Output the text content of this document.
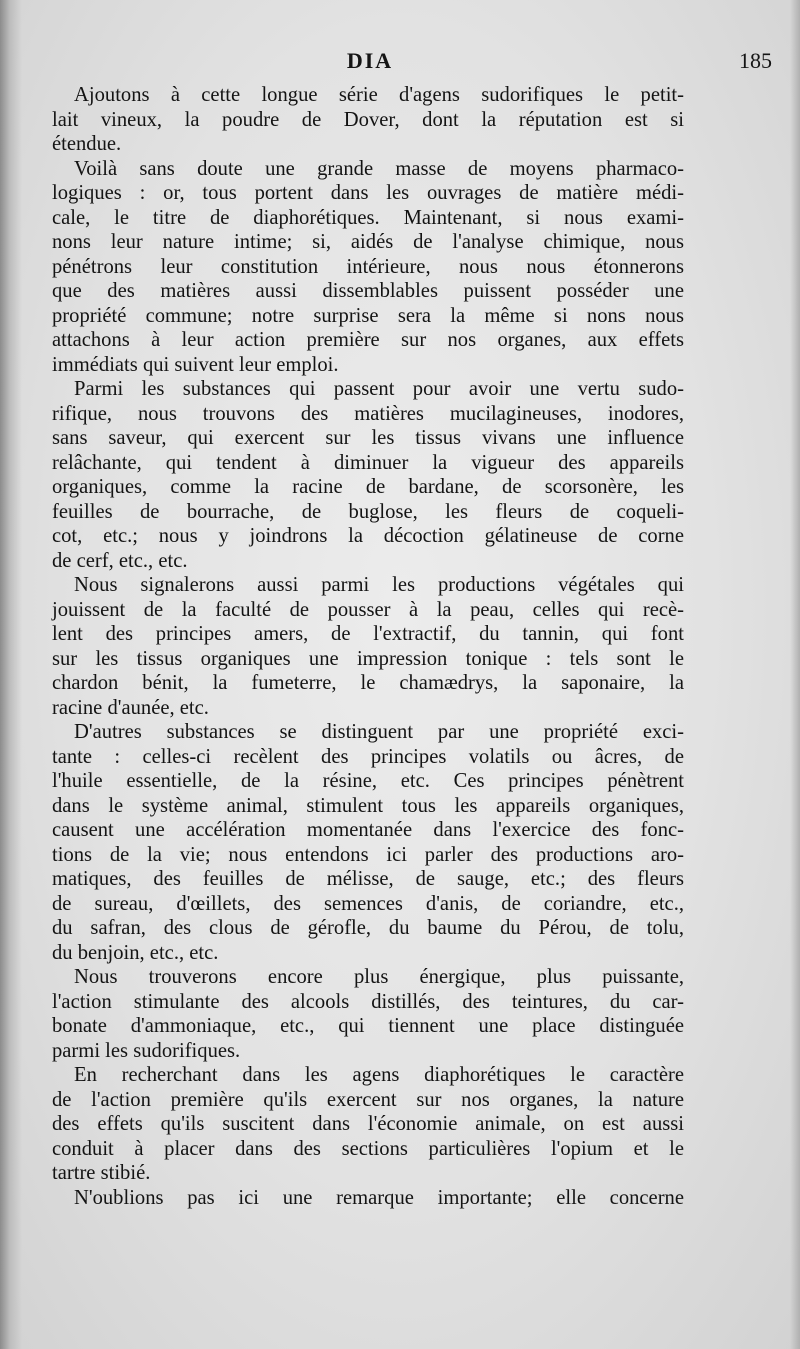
DIA	185
Ajoutons à cette longue série d'agens sudorifiques le petit-
lait vineux, la poudre de Dover, dont la réputation est si
étendue.
Voilà sans doute une grande masse de moyens pharmaco-
logiques : or, tous portent dans les ouvrages de matière médi-
cale, le titre de diaphorétiques. Maintenant, si nous exami-
nons leur nature intime; si, aidés de l'analyse chimique, nous
pénétrons leur constitution intérieure, nous nous étonnerons
que des matières aussi dissemblables puissent posséder une
propriété commune; notre surprise sera la même si nons nous
attachons à leur action première sur nos organes, aux effets
immédiats qui suivent leur emploi.
Parmi les substances qui passent pour avoir une vertu sudo-
rifique, nous trouvons des matières mucilagineuses, inodores,
sans saveur, qui exercent sur les tissus vivans une influence
relâchante, qui tendent à diminuer la vigueur des appareils
organiques, comme la racine de bardane, de scorsonère, les
feuilles de bourrache, de buglose, les fleurs de coqueli-
cot, etc.; nous y joindrons la décoction gélatineuse de corne
de cerf, etc., etc.
Nous signalerons aussi parmi les productions végétales qui
jouissent de la faculté de pousser à la peau, celles qui recè-
lent des principes amers, de l'extractif, du tannin, qui font
sur les tissus organiques une impression tonique : tels sont le
chardon bénit, la fumeterre, le chamædrys, la saponaire, la
racine d'aunée, etc.
D'autres substances se distinguent par une propriété exci-
tante : celles-ci recèlent des principes volatils ou âcres, de
l'huile essentielle, de la résine, etc. Ces principes pénètrent
dans le système animal, stimulent tous les appareils organiques,
causent une accélération momentanée dans l'exercice des fonc-
tions de la vie; nous entendons ici parler des productions aro-
matiques, des feuilles de mélisse, de sauge, etc.; des fleurs
de sureau, d'œillets, des semences d'anis, de coriandre, etc.,
du safran, des clous de gérofle, du baume du Pérou, de tolu,
du benjoin, etc., etc.
Nous trouverons encore plus énergique, plus puissante,
l'action stimulante des alcools distillés, des teintures, du car-
bonate d'ammoniaque, etc., qui tiennent une place distinguée
parmi les sudorifiques.
En recherchant dans les agens diaphorétiques le caractère
de l'action première qu'ils exercent sur nos organes, la nature
des effets qu'ils suscitent dans l'économie animale, on est aussi
conduit à placer dans des sections particulières l'opium et le
tartre stibié.
N'oublions pas ici une remarque importante; elle concerne
